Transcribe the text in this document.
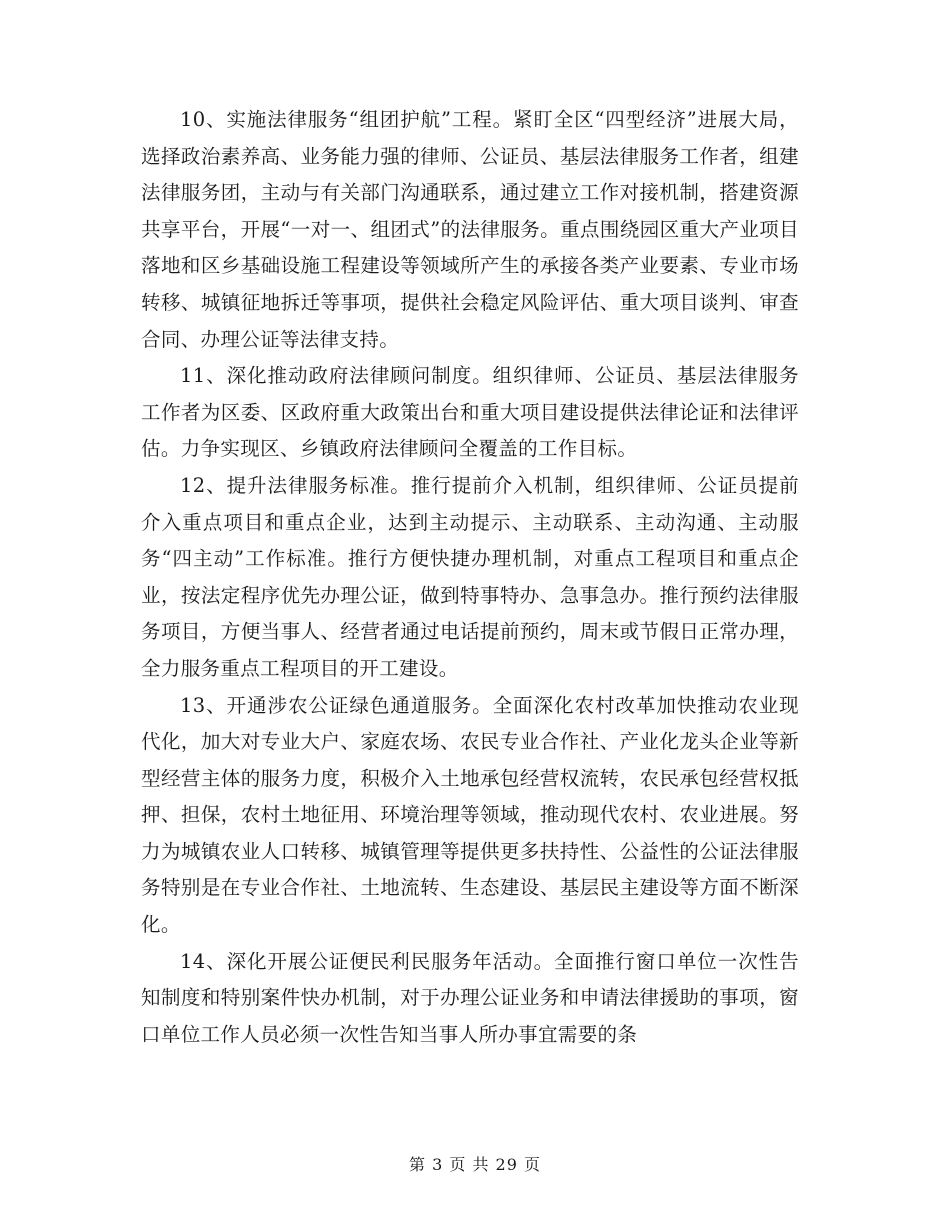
10、实施法律服务“组团护航”工程。紧盯全区“四型经济”进展大局，选择政治素养高、业务能力强的律师、公证员、基层法律服务工作者，组建法律服务团，主动与有关部门沟通联系，通过建立工作对接机制，搭建资源共享平台，开展“一对一、组团式”的法律服务。重点围绕园区重大产业项目落地和区乡基础设施工程建设等领域所产生的承接各类产业要素、专业市场转移、城镇征地拆迁等事项，提供社会稳定风险评估、重大项目谈判、审查合同、办理公证等法律支持。

11、深化推动政府法律顾问制度。组织律师、公证员、基层法律服务工作者为区委、区政府重大政策出台和重大项目建设提供法律论证和法律评估。力争实现区、乡镇政府法律顾问全覆盖的工作目标。

12、提升法律服务标准。推行提前介入机制，组织律师、公证员提前介入重点项目和重点企业，达到主动提示、主动联系、主动沟通、主动服务“四主动”工作标准。推行方便快捷办理机制，对重点工程项目和重点企业，按法定程序优先办理公证，做到特事特办、急事急办。推行预约法律服务项目，方便当事人、经营者通过电话提前预约，周末或节假日正常办理，全力服务重点工程项目的开工建设。

13、开通涉农公证绿色通道服务。全面深化农村改革加快推动农业现代化，加大对专业大户、家庭农场、农民专业合作社、产业化龙头企业等新型经营主体的服务力度，积极介入土地承包经营权流转，农民承包经营权抵押、担保，农村土地征用、环境治理等领域，推动现代农村、农业进展。努力为城镇农业人口转移、城镇管理等提供更多扶持性、公益性的公证法律服务特别是在专业合作社、土地流转、生态建设、基层民主建设等方面不断深化。

14、深化开展公证便民利民服务年活动。全面推行窗口单位一次性告知制度和特别案件快办机制，对于办理公证业务和申请法律援助的事项，窗口单位工作人员必须一次性告知当事人所办事宜需要的条

第 3 页 共 29 页
